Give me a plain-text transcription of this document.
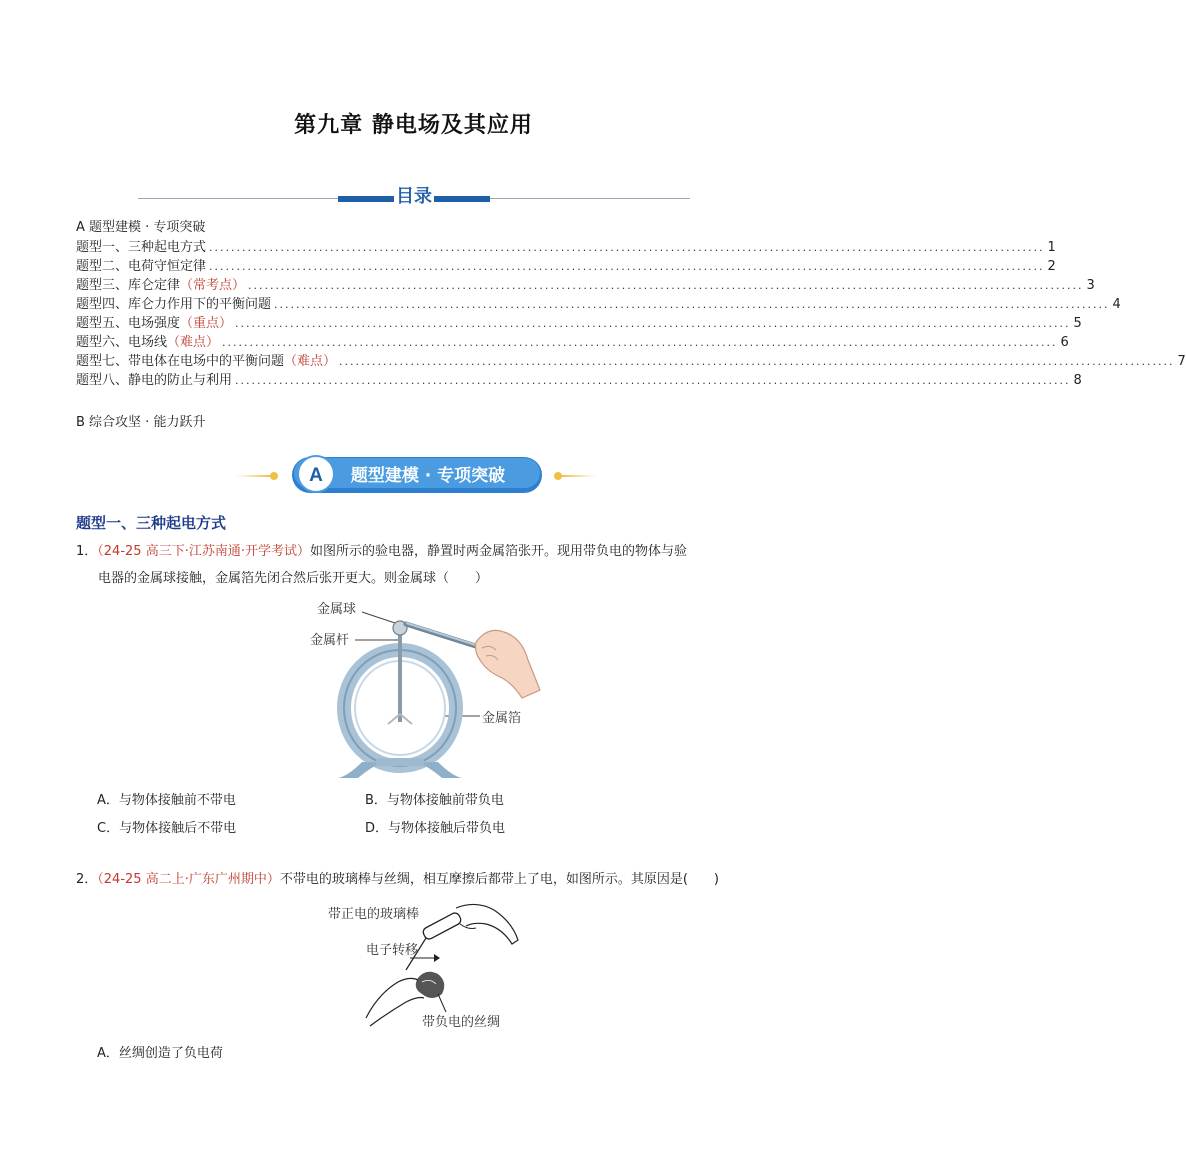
第九章 静电场及其应用
目录
A 题型建模 · 专项突破
题型一、三种起电方式 ........................................................................................................................................................ 1
题型二、电荷守恒定律 ........................................................................................................................................................ 2
题型三、库仑定律 （常考点） ........................................................................................................................................................ 3
题型四、库仑力作用下的平衡问题 ........................................................................................................................................................ 4
题型五、电场强度 （重点） ........................................................................................................................................................ 5
题型六、电场线 （难点） ........................................................................................................................................................ 6
题型七、带电体在电场中的平衡问题 （难点） ........................................................................................................................................................ 7
题型八、静电的防止与利用 ........................................................................................................................................................ 8
B 综合攻坚 · 能力跃升
A 题型建模 · 专项突破
题型一、三种起电方式
1．（24-25 高三下·江苏南通·开学考试）如图所示的验电器，静置时两金属箔张开。现用带负电的物体与验
电器的金属球接触，金属箔先闭合然后张开更大。则金属球（　　）
金属球
金属杆
金属箔
A．与物体接触前不带电	B．与物体接触前带负电
C．与物体接触后不带电	D．与物体接触后带负电
2．（24-25 高二上·广东广州期中）不带电的玻璃棒与丝绸，相互摩擦后都带上了电，如图所示。其原因是(　　)
带正电的玻璃棒
电子转移
带负电的丝绸
A．丝绸创造了负电荷
